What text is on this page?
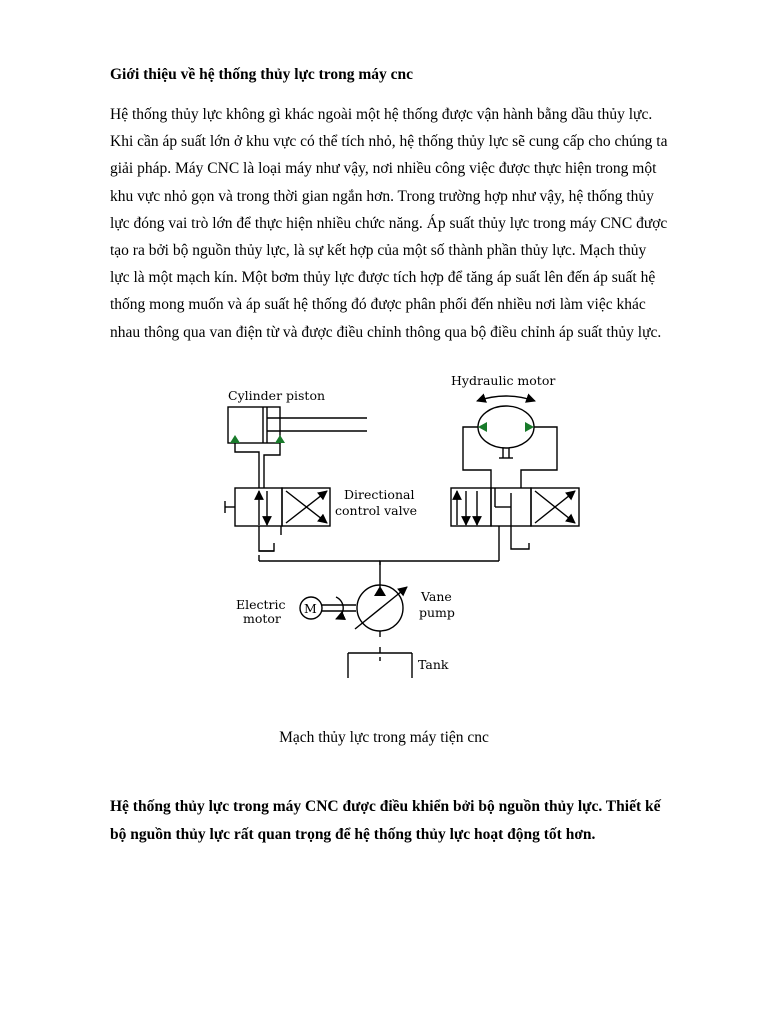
Giới thiệu về hệ thống thủy lực trong máy cnc
Hệ thống thủy lực không gì khác ngoài một hệ thống được vận hành bằng dầu thủy lực.
Khi cần áp suất lớn ở khu vực có thể tích nhỏ, hệ thống thủy lực sẽ cung cấp cho chúng ta
giải pháp. Máy CNC là loại máy như vậy, nơi nhiều công việc được thực hiện trong một
khu vực nhỏ gọn và trong thời gian ngắn hơn. Trong trường hợp như vậy, hệ thống thủy
lực đóng vai trò lớn để thực hiện nhiều chức năng. Áp suất thủy lực trong máy CNC được
tạo ra bởi bộ nguồn thủy lực, là sự kết hợp của một số thành phần thủy lực. Mạch thủy
lực là một mạch kín. Một bơm thủy lực được tích hợp để tăng áp suất lên đến áp suất hệ
thống mong muốn và áp suất hệ thống đó được phân phối đến nhiều nơi làm việc khác
nhau thông qua van điện từ và được điều chỉnh thông qua bộ điều chỉnh áp suất thủy lực.
Cylinder piston
Directional
control valve
Hydraulic motor
Electric
motor
M
Vane
pump
Tank
Mạch thủy lực trong máy tiện cnc
Hệ thống thủy lực trong máy CNC được điều khiển bởi bộ nguồn thủy lực. Thiết kế
bộ nguồn thủy lực rất quan trọng để hệ thống thủy lực hoạt động tốt hơn.
